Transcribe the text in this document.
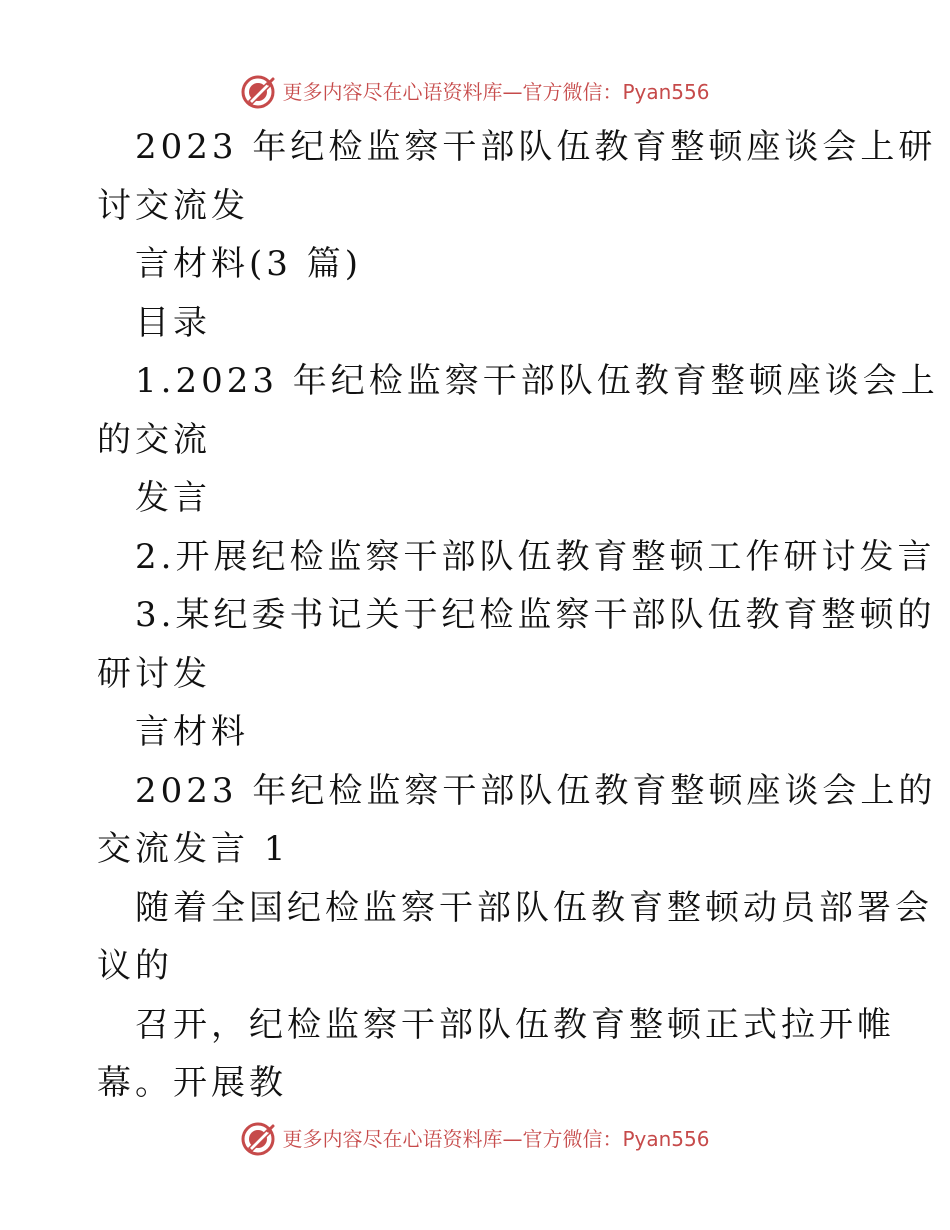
更多内容尽在心语资料库—官方微信：Pyan556
2023 年纪检监察干部队伍教育整顿座谈会上研
讨交流发
言材料(3 篇)
目录
1.2023 年纪检监察干部队伍教育整顿座谈会上
的交流
发言
2.开展纪检监察干部队伍教育整顿工作研讨发言
3.某纪委书记关于纪检监察干部队伍教育整顿的
研讨发
言材料
2023 年纪检监察干部队伍教育整顿座谈会上的
交流发言 1
随着全国纪检监察干部队伍教育整顿动员部署会
议的
召开，纪检监察干部队伍教育整顿正式拉开帷
幕。开展教
更多内容尽在心语资料库—官方微信：Pyan556
